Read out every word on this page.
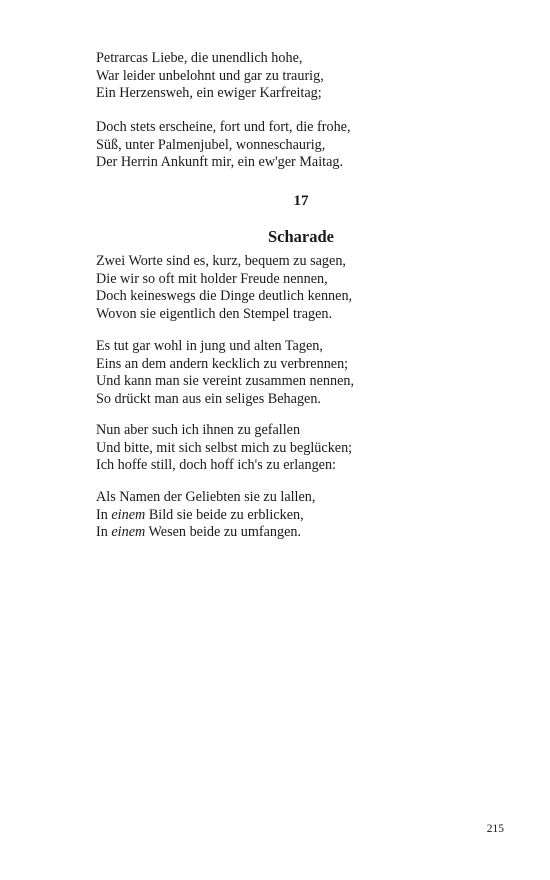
Petrarcas Liebe, die unendlich hohe,
War leider unbelohnt und gar zu traurig,
Ein Herzensweh, ein ewiger Karfreitag;
Doch stets erscheine, fort und fort, die frohe,
Süß, unter Palmenjubel, wonneschaurig,
Der Herrin Ankunft mir, ein ew'ger Maitag.
17
Scharade
Zwei Worte sind es, kurz, bequem zu sagen,
Die wir so oft mit holder Freude nennen,
Doch keineswegs die Dinge deutlich kennen,
Wovon sie eigentlich den Stempel tragen.
Es tut gar wohl in jung und alten Tagen,
Eins an dem andern kecklich zu verbrennen;
Und kann man sie vereint zusammen nennen,
So drückt man aus ein seliges Behagen.
Nun aber such ich ihnen zu gefallen
Und bitte, mit sich selbst mich zu beglücken;
Ich hoffe still, doch hoff ich's zu erlangen:
Als Namen der Geliebten sie zu lallen,
In einem Bild sie beide zu erblicken,
In einem Wesen beide zu umfangen.
215
